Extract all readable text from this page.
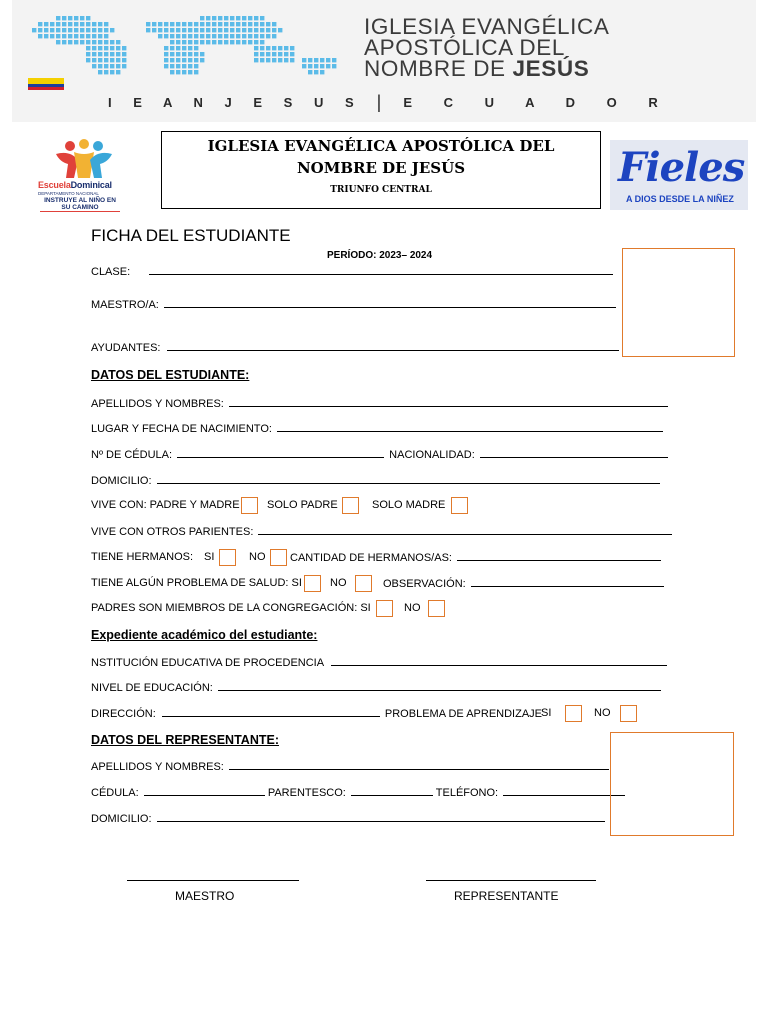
IGLESIA EVANGÉLICA
APOSTÓLICA DEL
NOMBRE DE JESÚS
I E A N J E S U S | E C U A D O R
EscuelaDominical
DEPARTAMENTO NACIONAL
INSTRUYE AL NIÑO EN SU CAMINO
IGLESIA EVANGÉLICA APOSTÓLICA DEL
NOMBRE DE JESÚS
TRIUNFO CENTRAL	Fieles
A DIOS DESDE LA NIÑEZ
FICHA DEL ESTUDIANTE
PERÍODO: 2023– 2024
CLASE:
MAESTRO/A:
AYUDANTES:
DATOS DEL ESTUDIANTE:
APELLIDOS Y NOMBRES:
LUGAR Y FECHA DE NACIMIENTO:
Nº DE CÉDULA:	NACIONALIDAD:
DOMICILIO:
VIVE CON: PADRE Y MADRE SOLO PADRE	SOLO MADRE
VIVE CON OTROS PARIENTES:
TIENE HERMANOS: SI	NO CANTIDAD DE HERMANOS/AS:
TIENE ALGÚN PROBLEMA DE SALUD: SI	NO	OBSERVACIÓN:
PADRES SON MIEMBROS DE LA CONGREGACIÓN: SI	NO
Expediente académico del estudiante:
NSTITUCIÓN EDUCATIVA DE PROCEDENCIA
NIVEL DE EDUCACIÓN:
DIRECCIÓN:	PROBLEMA DE APRENDIZAJE
SI	NO
DATOS DEL REPRESENTANTE:
APELLIDOS Y NOMBRES:
CÉDULA:	PARENTESCO:	TELÉFONO:
DOMICILIO:
MAESTRO	REPRESENTANTE
